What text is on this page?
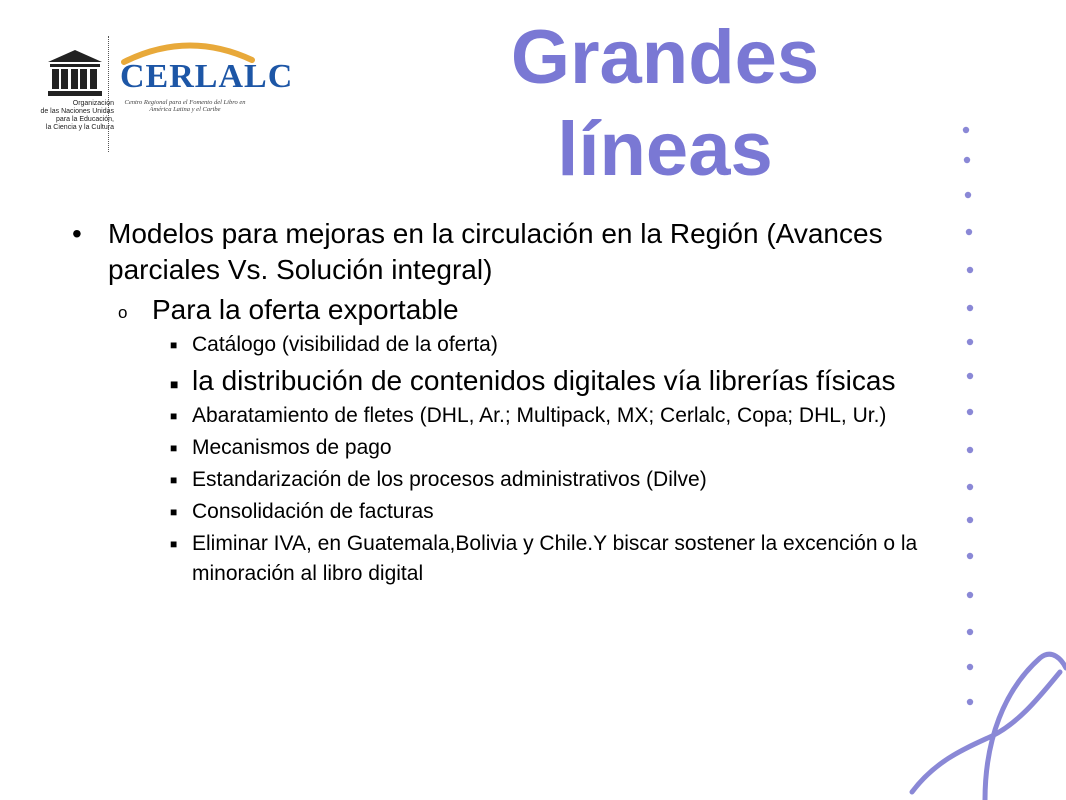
Organización
de las Naciones Unidas
para la Educación,
la Ciencia y la Cultura
CERLALC
Centro Regional para el Fomento del Libro en América Latina y el Caribe
Grandes
líneas
• Modelos para mejoras en la circulación en la Región (Avances parciales Vs. Solución integral)
o Para la oferta exportable
■ Catálogo (visibilidad de la oferta)
■ la distribución de contenidos digitales vía librerías físicas
■ Abaratamiento de fletes (DHL, Ar.; Multipack, MX; Cerlalc, Copa; DHL, Ur.)
■ Mecanismos de pago
■ Estandarización de los procesos administrativos (Dilve)
■ Consolidación de facturas
■ Eliminar IVA, en Guatemala,Bolivia y Chile.Y biscar sostener la excención o la minoración al libro digital
